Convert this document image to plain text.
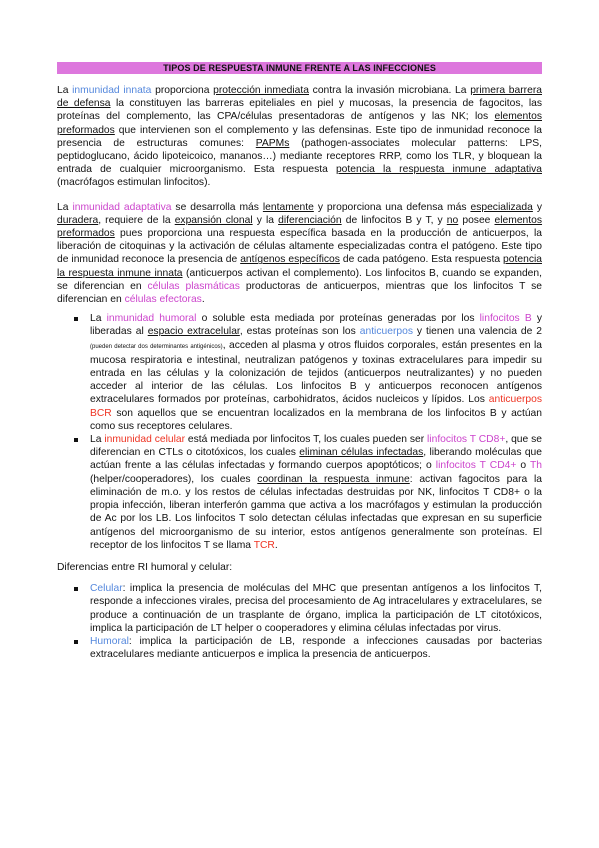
TIPOS DE RESPUESTA INMUNE FRENTE A LAS INFECCIONES

La inmunidad innata proporciona protección inmediata contra la invasión microbiana. La primera barrera de defensa la constituyen las barreras epiteliales en piel y mucosas, la presencia de fagocitos, las proteínas del complemento, las CPA/células presentadoras de antígenos y las NK; los elementos preformados que intervienen son el complemento y las defensinas. Este tipo de inmunidad reconoce la presencia de estructuras comunes: PAPMs (pathogen-associates molecular patterns: LPS, peptidoglucano, ácido lipoteicoico, mananos…) mediante receptores RRP, como los TLR, y bloquean la entrada de cualquier microorganismo. Esta respuesta potencia la respuesta inmune adaptativa (macrófagos estimulan linfocitos).

La inmunidad adaptativa se desarrolla más lentamente y proporciona una defensa más especializada y duradera, requiere de la expansión clonal y la diferenciación de linfocitos B y T, y no posee elementos preformados pues proporciona una respuesta específica basada en la producción de anticuerpos, la liberación de citoquinas y la activación de células altamente especializadas contra el patógeno. Este tipo de inmunidad reconoce la presencia de antígenos específicos de cada patógeno. Esta respuesta potencia la respuesta inmune innata (anticuerpos activan el complemento). Los linfocitos B, cuando se expanden, se diferencian en células plasmáticas productoras de anticuerpos, mientras que los linfocitos T se diferencian en células efectoras.

La inmunidad humoral o soluble esta mediada por proteínas generadas por los linfocitos B y liberadas al espacio extracelular, estas proteínas son los anticuerpos y tienen una valencia de 2 (pueden detectar dos determinantes antigénicos), acceden al plasma y otros fluidos corporales, están presentes en la mucosa respiratoria e intestinal, neutralizan patógenos y toxinas extracelulares para impedir su entrada en las células y la colonización de tejidos (anticuerpos neutralizantes) y no pueden acceder al interior de las células. Los linfocitos B y anticuerpos reconocen antígenos extracelulares formados por proteínas, carbohidratos, ácidos nucleicos y lípidos. Los anticuerpos BCR son aquellos que se encuentran localizados en la membrana de los linfocitos B y actúan como sus receptores celulares.
La inmunidad celular está mediada por linfocitos T, los cuales pueden ser linfocitos T CD8+, que se diferencian en CTLs o citotóxicos, los cuales eliminan células infectadas, liberando moléculas que actúan frente a las células infectadas y formando cuerpos apoptóticos; o linfocitos T CD4+ o Th (helper/cooperadores), los cuales coordinan la respuesta inmune: activan fagocitos para la eliminación de m.o. y los restos de células infectadas destruidas por NK, linfocitos T CD8+ o la propia infección, liberan interferón gamma que activa a los macrófagos y estimulan la producción de Ac por los LB. Los linfocitos T solo detectan células infectadas que expresan en su superficie antígenos del microorganismo de su interior, estos antígenos generalmente son proteínas. El receptor de los linfocitos T se llama TCR.

Diferencias entre RI humoral y celular:

Celular: implica la presencia de moléculas del MHC que presentan antígenos a los linfocitos T, responde a infecciones virales, precisa del procesamiento de Ag intracelulares y extracelulares, se produce a continuación de un trasplante de órgano, implica la participación de LT citotóxicos, implica la participación de LT helper o cooperadores y elimina células infectadas por virus.
Humoral: implica la participación de LB, responde a infecciones causadas por bacterias extracelulares mediante anticuerpos e implica la presencia de anticuerpos.
